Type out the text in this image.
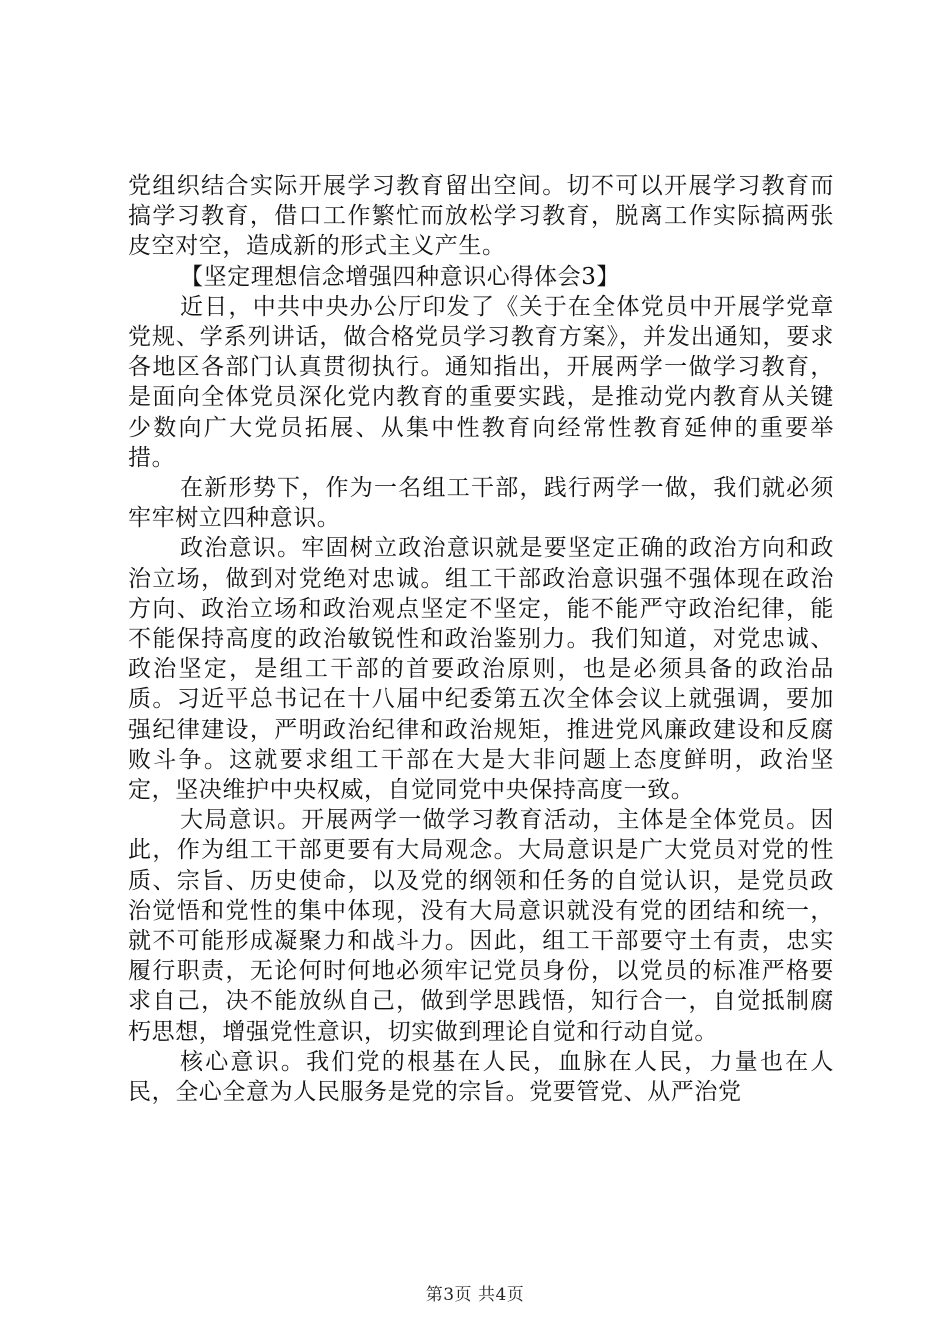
党组织结合实际开展学习教育留出空间。切不可以开展学习教育而搞学习教育，借口工作繁忙而放松学习教育，脱离工作实际搞两张皮空对空，造成新的形式主义产生。

【坚定理想信念增强四种意识心得体会3】

近日，中共中央办公厅印发了《关于在全体党员中开展学党章党规、学系列讲话，做合格党员学习教育方案》，并发出通知，要求各地区各部门认真贯彻执行。通知指出，开展两学一做学习教育，是面向全体党员深化党内教育的重要实践，是推动党内教育从关键少数向广大党员拓展、从集中性教育向经常性教育延伸的重要举措。

在新形势下，作为一名组工干部，践行两学一做，我们就必须牢牢树立四种意识。

政治意识。牢固树立政治意识就是要坚定正确的政治方向和政治立场，做到对党绝对忠诚。组工干部政治意识强不强体现在政治方向、政治立场和政治观点坚定不坚定，能不能严守政治纪律，能不能保持高度的政治敏锐性和政治鉴别力。我们知道，对党忠诚、政治坚定，是组工干部的首要政治原则，也是必须具备的政治品质。习近平总书记在十八届中纪委第五次全体会议上就强调，要加强纪律建设，严明政治纪律和政治规矩，推进党风廉政建设和反腐败斗争。这就要求组工干部在大是大非问题上态度鲜明，政治坚定，坚决维护中央权威，自觉同党中央保持高度一致。

大局意识。开展两学一做学习教育活动，主体是全体党员。因此，作为组工干部更要有大局观念。大局意识是广大党员对党的性质、宗旨、历史使命，以及党的纲领和任务的自觉认识，是党员政治觉悟和党性的集中体现，没有大局意识就没有党的团结和统一，就不可能形成凝聚力和战斗力。因此，组工干部要守土有责，忠实履行职责，无论何时何地必须牢记党员身份，以党员的标准严格要求自己，决不能放纵自己，做到学思践悟，知行合一，自觉抵制腐朽思想，增强党性意识，切实做到理论自觉和行动自觉。

核心意识。我们党的根基在人民，血脉在人民，力量也在人民，全心全意为人民服务是党的宗旨。党要管党、从严治党

第3页 共4页
